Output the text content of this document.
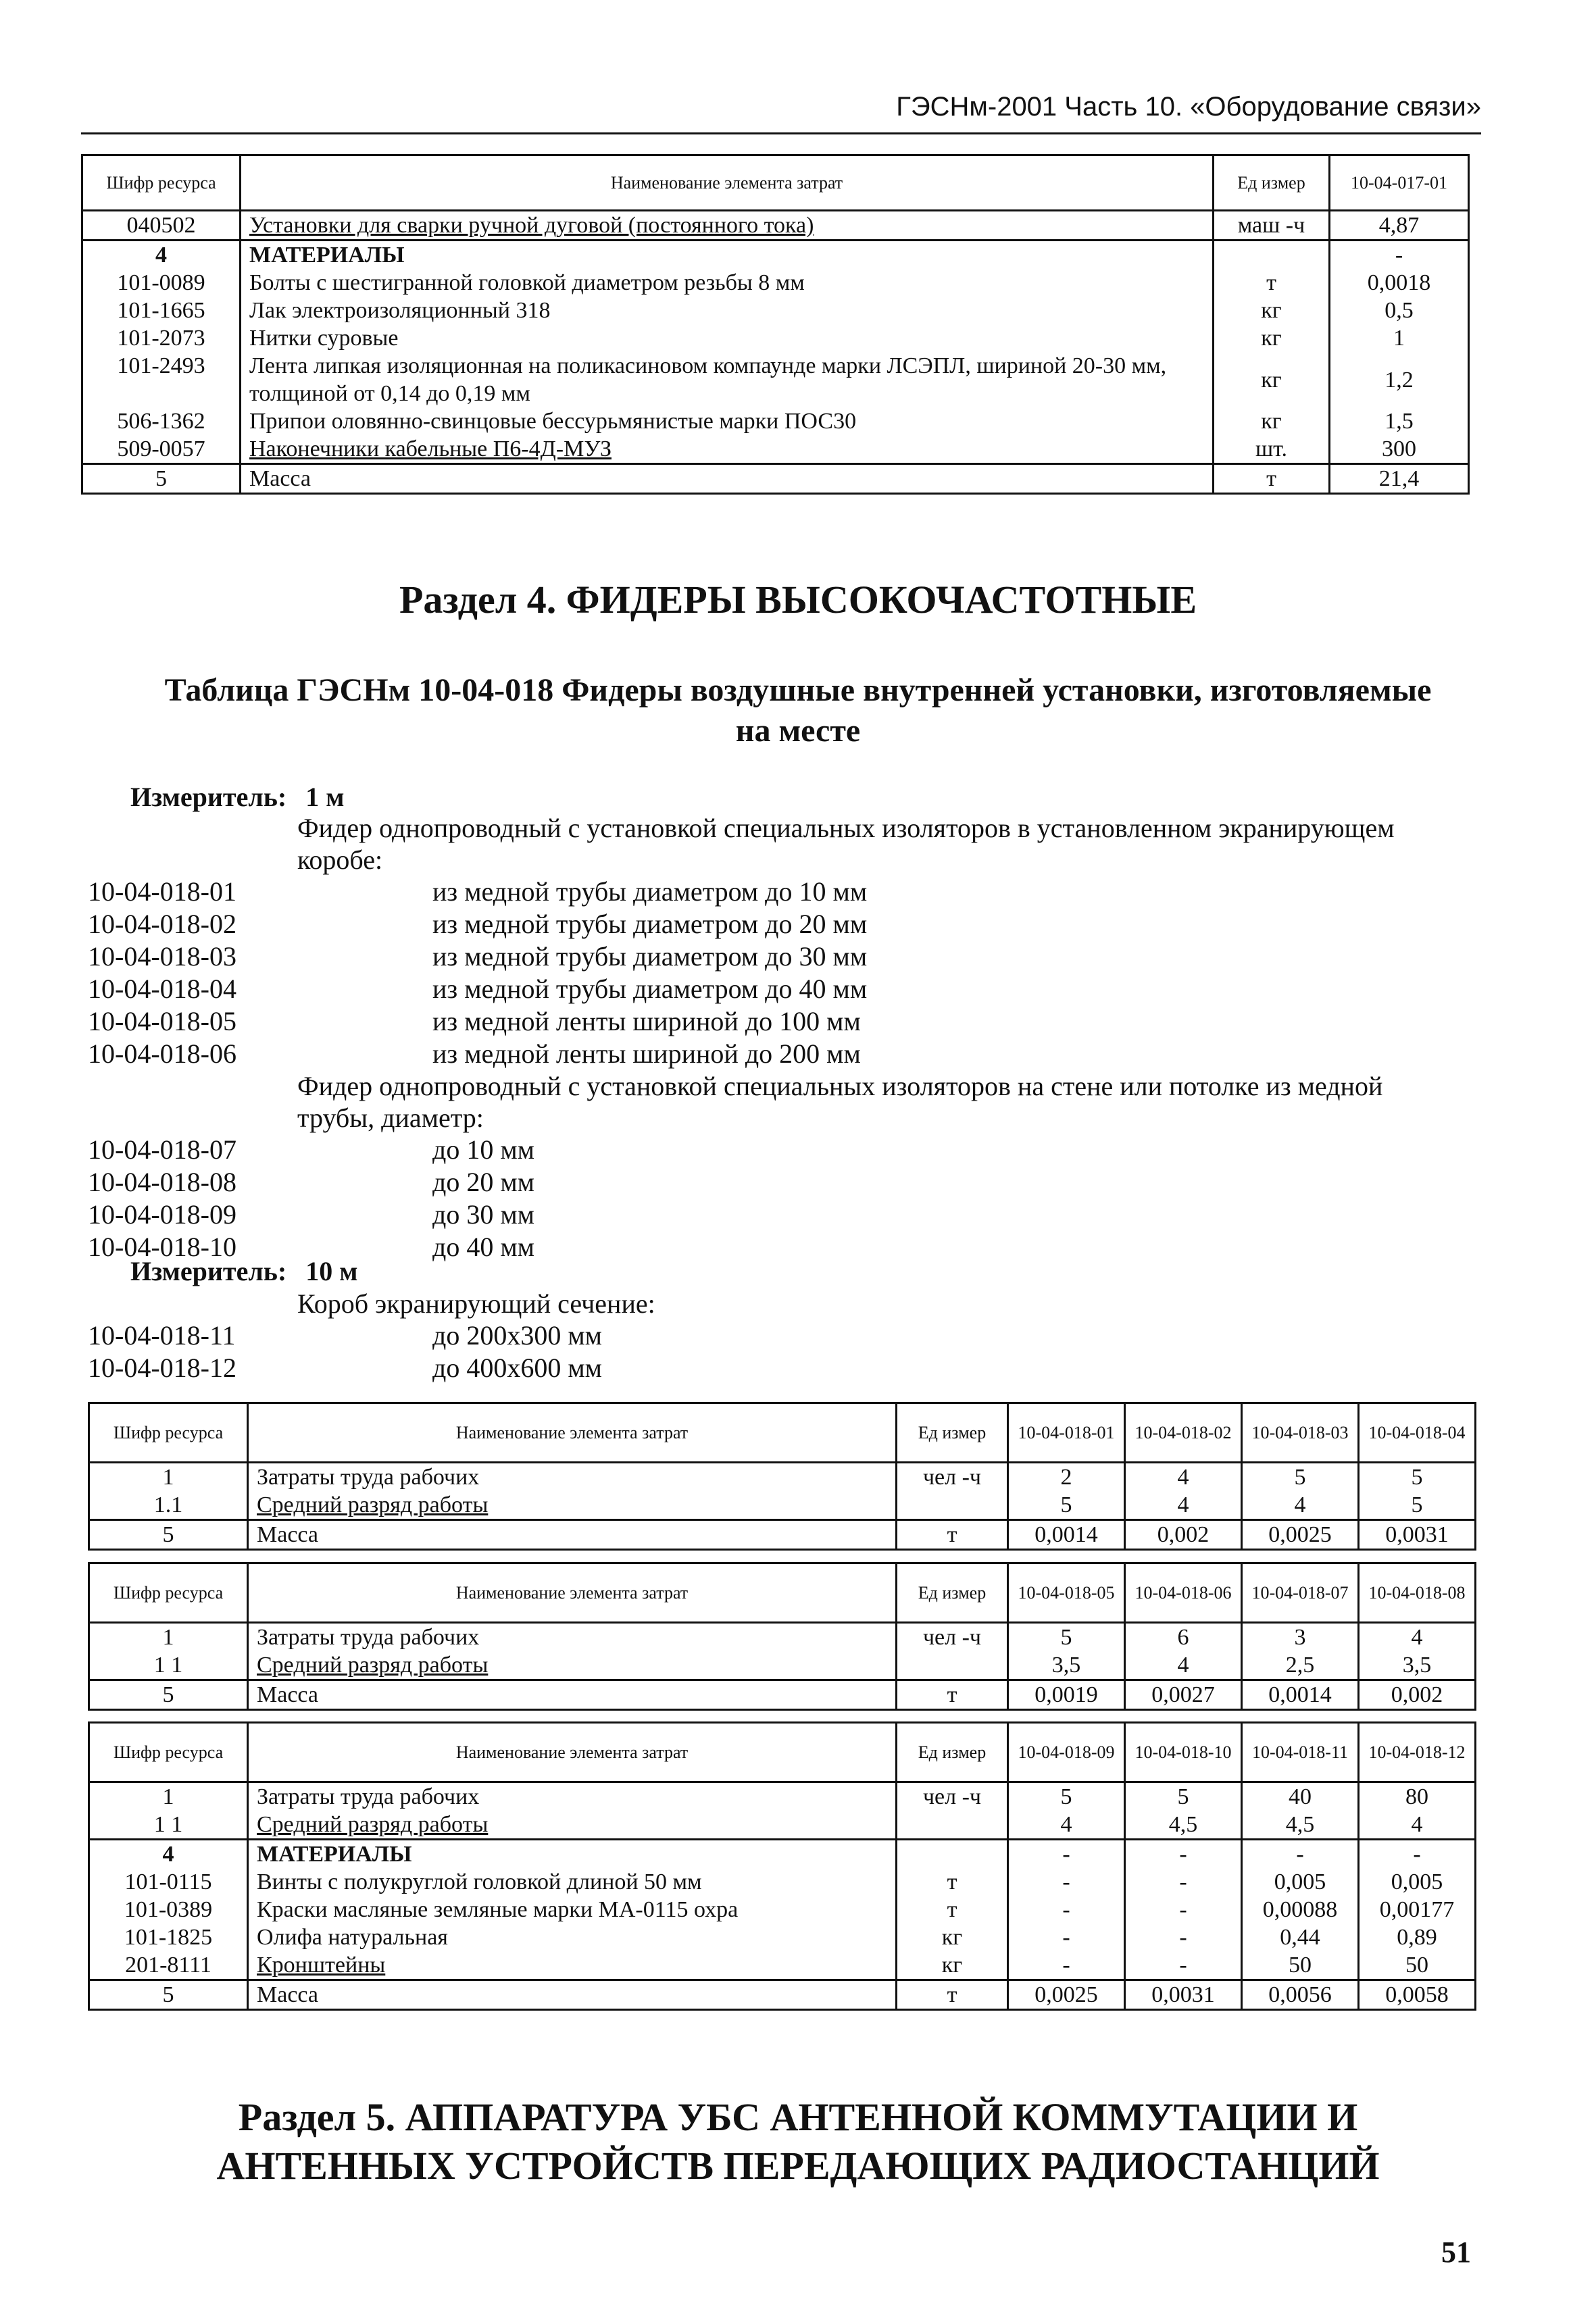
ГЭСНм-2001 Часть 10. «Оборудование связи»
Шифр ресурса	Наименование элемента затрат	Ед измер	10-04-017-01
040502	Установки для сварки ручной дуговой (постоянного тока)	маш -ч	4,87
4	МАТЕРИАЛЫ		-
101-0089	Болты с шестигранной головкой диаметром резьбы 8 мм	т	0,0018
101-1665	Лак электроизоляционный 318	кг	0,5
101-2073	Нитки суровые	кг	1
101-2493	Лента липкая изоляционная на поликасиновом компаунде марки ЛСЭПЛ, шириной 20-30 мм, толщиной от 0,14 до 0,19 мм	кг	1,2
506-1362	Припои оловянно-свинцовые бессурьмянистые марки ПОС30	кг	1,5
509-0057	Наконечники кабельные П6-4Д-МУЗ	шт.	300
5	Масса	т	21,4
Раздел 4. ФИДЕРЫ ВЫСОКОЧАСТОТНЫЕ
Таблица ГЭСНм 10-04-018 Фидеры воздушные внутренней установки, изготовляемые
на месте
Измеритель: 1 м
Фидер однопроводный с установкой специальных изоляторов в установленном экранирующем
коробе:
10-04-018-01	из медной трубы диаметром до 10 мм
10-04-018-02	из медной трубы диаметром до 20 мм
10-04-018-03	из медной трубы диаметром до 30 мм
10-04-018-04	из медной трубы диаметром до 40 мм
10-04-018-05	из медной ленты шириной до 100 мм
10-04-018-06	из медной ленты шириной до 200 мм
Фидер однопроводный с установкой специальных изоляторов на стене или потолке из медной
трубы, диаметр:
10-04-018-07	до 10 мм
10-04-018-08	до 20 мм
10-04-018-09	до 30 мм
10-04-018-10	до 40 мм
Измеритель: 10 м
Короб экранирующий сечение:
10-04-018-11	до 200х300 мм
10-04-018-12	до 400х600 мм
Шифр ресурса	Наименование элемента затрат	Ед измер	10-04-018-01	10-04-018-02	10-04-018-03	10-04-018-04
1	Затраты труда рабочих	чел -ч	2	4	5	5
1.1	Средний разряд работы		5	4	4	5
5	Масса	т	0,0014	0,002	0,0025	0,0031
Шифр ресурса	Наименование элемента затрат	Ед измер	10-04-018-05	10-04-018-06	10-04-018-07	10-04-018-08
1	Затраты труда рабочих	чел -ч	5	6	3	4
1 1	Средний разряд работы		3,5	4	2,5	3,5
5	Масса	т	0,0019	0,0027	0,0014	0,002
Шифр ресурса	Наименование элемента затрат	Ед измер	10-04-018-09	10-04-018-10	10-04-018-11	10-04-018-12
1	Затраты труда рабочих	чел -ч	5	5	40	80
1 1	Средний разряд работы		4	4,5	4,5	4
4	МАТЕРИАЛЫ		-	-	-	-
101-0115	Винты с полукруглой головкой длиной 50 мм	т	-	-	0,005	0,005
101-0389	Краски масляные земляные марки МА-0115 охра	т	-	-	0,00088	0,00177
101-1825	Олифа натуральная	кг	-	-	0,44	0,89
201-8111	Кронштейны	кг	-	-	50	50
5	Масса	т	0,0025	0,0031	0,0056	0,0058
Раздел 5. АППАРАТУРА УБС АНТЕННОЙ КОММУТАЦИИ И
АНТЕННЫХ УСТРОЙСТВ ПЕРЕДАЮЩИХ РАДИОСТАНЦИЙ
51
